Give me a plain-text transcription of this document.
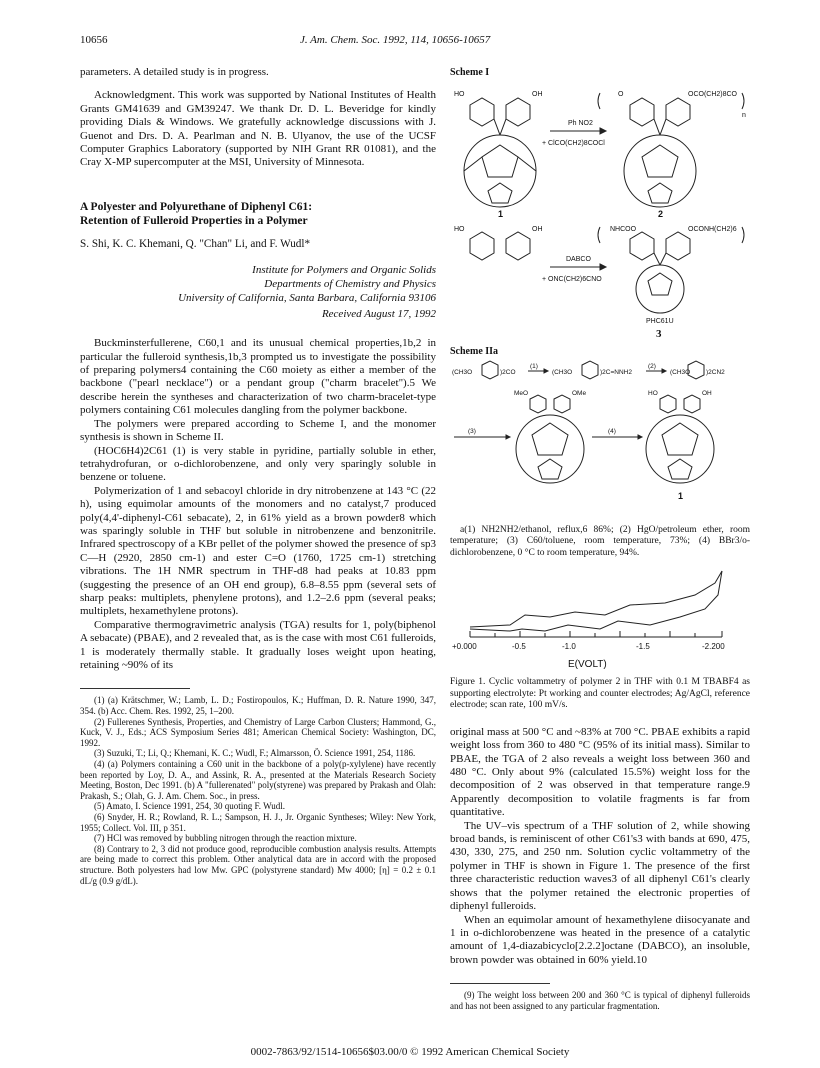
10656	J. Am. Chem. Soc. 1992, 114, 10656-10657

parameters. A detailed study is in progress.

Acknowledgment. This work was supported by National Institutes of Health Grants GM41639 and GM39247. We thank Dr. D. L. Beveridge for kindly providing Dials & Windows. We gratefully acknowledge discussions with J. Guenot and Drs. D. A. Pearlman and N. B. Ulyanov, the use of the UCSF Computer Graphics Laboratory (supported by NIH Grant RR 01081), and the Cray X-MP supercomputer at the MSI, University of Minnesota.

A Polyester and Polyurethane of Diphenyl C61:
Retention of Fulleroid Properties in a Polymer
S. Shi, K. C. Khemani, Q. "Chan" Li, and F. Wudl*
Institute for Polymers and Organic Solids
Departments of Chemistry and Physics
University of California, Santa Barbara, California 93106
Received August 17, 1992

Buckminsterfullerene, C60,1 and its unusual chemical properties,1b,2 in particular the fulleroid synthesis,1b,3 prompted us to investigate the possibility of preparing polymers4 containing the C60 moiety as either a member of the backbone ("pearl necklace") or a pendant group ("charm bracelet").5 We describe herein the syntheses and characterization of two charm-bracelet-type polymers containing C61 molecules dangling from the polymer backbone.

The polymers were prepared according to Scheme I, and the monomer synthesis is shown in Scheme II.

(HOC6H4)2C61 (1) is very stable in pyridine, partially soluble in ether, tetrahydrofuran, or o-dichlorobenzene, and only very sparingly soluble in benzene or toluene.

Polymerization of 1 and sebacoyl chloride in dry nitrobenzene at 143 °C (22 h), using equimolar amounts of the monomers and no catalyst,7 produced poly(4,4'-diphenyl-C61 sebacate), 2, in 61% yield as a brown powder8 which was sparingly soluble in THF but soluble in nitrobenzene and benzonitrile. Infrared spectroscopy of a KBr pellet of the polymer showed the presence of sp3 C—H (2920, 2850 cm-1) and ester C=O (1760, 1725 cm-1) stretching vibrations. The 1H NMR spectrum in THF-d8 had peaks at 10.83 ppm (suggesting the presence of an OH end group), 6.8–8.55 ppm (several sets of sharp peaks: multiplets, phenylene protons), and 1.2–2.6 ppm (several peaks; multiplets, hexamethylene protons).

Comparative thermogravimetric analysis (TGA) results for 1, poly(biphenol A sebacate) (PBAE), and 2 revealed that, as is the case with most C61 fulleroids, 1 is moderately thermally stable. It gradually loses weight upon heating, retaining ~90% of its

(1) (a) Krätschmer, W.; Lamb, L. D.; Fostiropoulos, K.; Huffman, D. R. Nature 1990, 347, 354. (b) Acc. Chem. Res. 1992, 25, 1–200.

(2) Fullerenes Synthesis, Properties, and Chemistry of Large Carbon Clusters; Hammond, G., Kuck, V. J., Eds.; ACS Symposium Series 481; American Chemical Society: Washington, DC, 1992.

(3) Suzuki, T.; Li, Q.; Khemani, K. C.; Wudl, F.; Almarsson, Ö. Science 1991, 254, 1186.

(4) (a) Polymers containing a C60 unit in the backbone of a poly(p-xylylene) have recently been reported by Loy, D. A., and Assink, R. A., presented at the Materials Research Society Meeting, Boston, Dec 1991. (b) A "fullerenated" poly(styrene) was prepared by Prakash and Olah: Prakash, S.; Olah, G. J. Am. Chem. Soc., in press.

(5) Amato, I. Science 1991, 254, 30 quoting F. Wudl.

(6) Snyder, H. R.; Rowland, R. L.; Sampson, H. J., Jr. Organic Syntheses; Wiley: New York, 1955; Collect. Vol. III, p 351.

(7) HCl was removed by bubbling nitrogen through the reaction mixture.

(8) Contrary to 2, 3 did not produce good, reproducible combustion analysis results. Attempts are being made to correct this problem. Other analytical data are in accord with the proposed structure. Both polyesters had low Mw. GPC (polystyrene standard) Mw 4000; [η] = 0.2 ± 0.1 dL/g (0.9 g/dL).

Scheme I
HO	OH
+ ClCO(CH2)8COCl
Ph NO2
O	OCO(CH2)8CO
n
1	2
HO	OH
+ ONC(CH2)6CNO
DABCO
NHCOO	OCONH(CH2)6
PHC61U
3
Scheme IIa
(CH3O	)2CO
(1)
(CH3O	)2C=NNH2
(2)
(CH3O )2CN2
(3)	(4)
MeO	OMe	HO	OH
1

a(1) NH2NH2/ethanol, reflux,6 86%; (2) HgO/petroleum ether, room temperature; (3) C60/toluene, room temperature, 73%; (4) BBr3/o-dichlorobenzene, 0 °C to room temperature, 94%.

+0.000	-0.5	-1.0	-1.5	-2.200
E(VOLT)

Figure 1. Cyclic voltammetry of polymer 2 in THF with 0.1 M TBABF4 as supporting electrolyte: Pt working and counter electrodes; Ag/AgCl, reference electrode; scan rate, 100 mV/s.

original mass at 500 °C and ~83% at 700 °C. PBAE exhibits a rapid weight loss from 360 to 480 °C (95% of its initial mass). Similar to PBAE, the TGA of 2 also reveals a weight loss between 360 and 480 °C. Only about 9% (calculated 15.5%) weight loss for the decomposition of 2 was observed in that temperature range.9 Apparently decomposition to volatile fragments is far from quantitative.

The UV–vis spectrum of a THF solution of 2, while showing broad bands, is reminiscent of other C61's3 with bands at 690, 475, 430, 330, 275, and 250 nm. Solution cyclic voltammetry of the polymer in THF is shown in Figure 1. The presence of the first three characteristic reduction waves3 of all diphenyl C61's clearly shows that the polymer retained the electronic properties of diphenyl fulleroids.

When an equimolar amount of hexamethylene diisocyanate and 1 in o-dichlorobenzene was heated in the presence of a catalytic amount of 1,4-diazabicyclo[2.2.2]octane (DABCO), an insoluble, brown powder was obtained in 60% yield.10

(9) The weight loss between 200 and 360 °C is typical of diphenyl fulleroids and has not been assigned to any particular fragmentation.

0002-7863/92/1514-10656$03.00/0 © 1992 American Chemical Society
